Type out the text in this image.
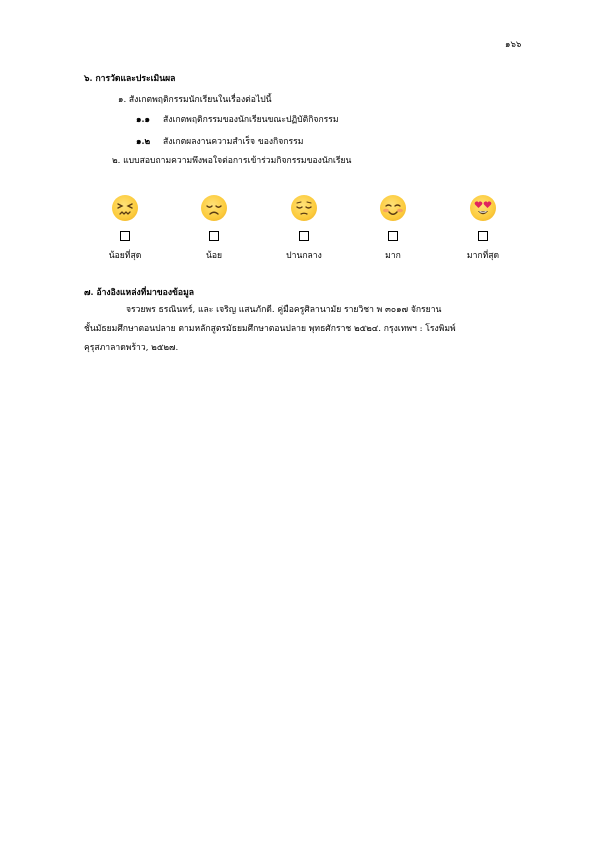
๑๖๖
๖. การวัดและประเมินผล
๑. สังเกตพฤติกรรมนักเรียนในเรื่องต่อไปนี้
๑.๑ สังเกตพฤติกรรมของนักเรียนขณะปฏิบัติกิจกรรม
๑.๒ สังเกตผลงานความสำเร็จ ของกิจกรรม
๒. แบบสอบถามความพึงพอใจต่อการเข้าร่วมกิจกรรมของนักเรียน
น้อยที่สุด	น้อย	ปานกลาง	มาก	มากที่สุด
๗. อ้างอิงแหล่งที่มาของข้อมูล
จรวยพร ธรณินทร์, และ เจริญ แสนภักดี. คู่มือครูศิลานามัย รายวิชา พ ๓๐๑๗ จักรยาน
ชั้นมัธยมศึกษาตอนปลาย ตามหลักสูตรมัธยมศึกษาตอนปลาย พุทธศักราช ๒๕๒๔. กรุงเทพฯ : โรงพิมพ์
คุรุสภาลาดพร้าว, ๒๕๒๗.
